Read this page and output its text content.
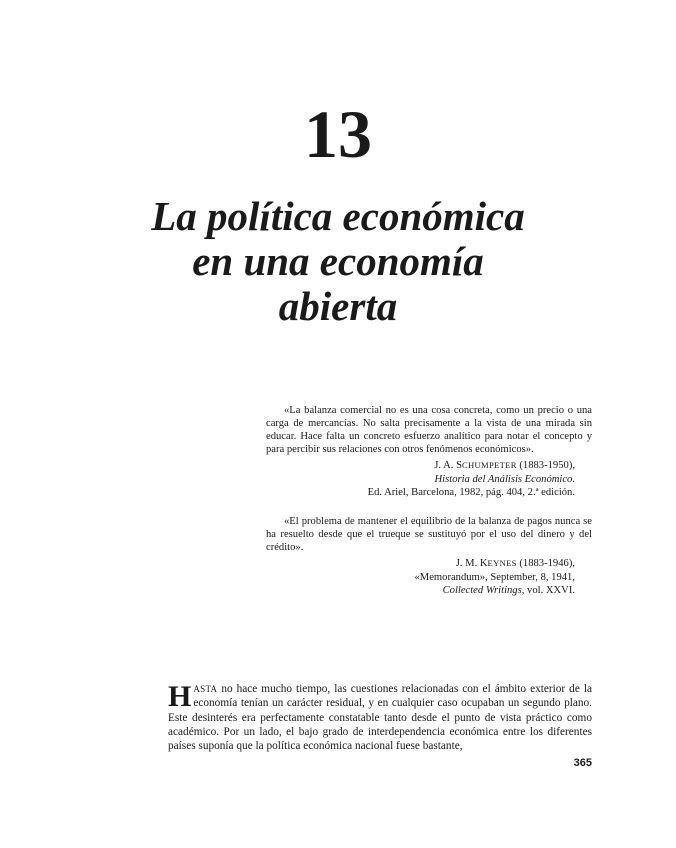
13
La política económica
en una economía
abierta

«La balanza comercial no es una cosa concreta, como un precio o una carga de mercancías. No salta precisamente a la vista de una mirada sin educar. Hace falta un concreto esfuerzo analítico para notar el concepto y para percibir sus relaciones con otros fenómenos económicos».

J. A. SCHUMPETER (1883-1950),
Historia del Análisis Económico.
Ed. Ariel, Barcelona, 1982, pág. 404, 2.ª edición.

«El problema de mantener el equilibrio de la balanza de pagos nunca se ha resuelto desde que el trueque se sustituyó por el uso del dinero y del crédito».

J. M. KEYNES (1883-1946),
«Memorandum», September, 8, 1941,
Collected Writings, vol. XXVI.

HASTA no hace mucho tiempo, las cuestiones relacionadas con el ámbito exterior de la economía tenían un carácter residual, y en cualquier caso ocupaban un segundo plano. Este desinterés era perfectamente constatable tanto desde el punto de vista práctico como académico. Por un lado, el bajo grado de interdependencia económica entre los diferentes países suponía que la política económica nacional fuese bastante,

365
